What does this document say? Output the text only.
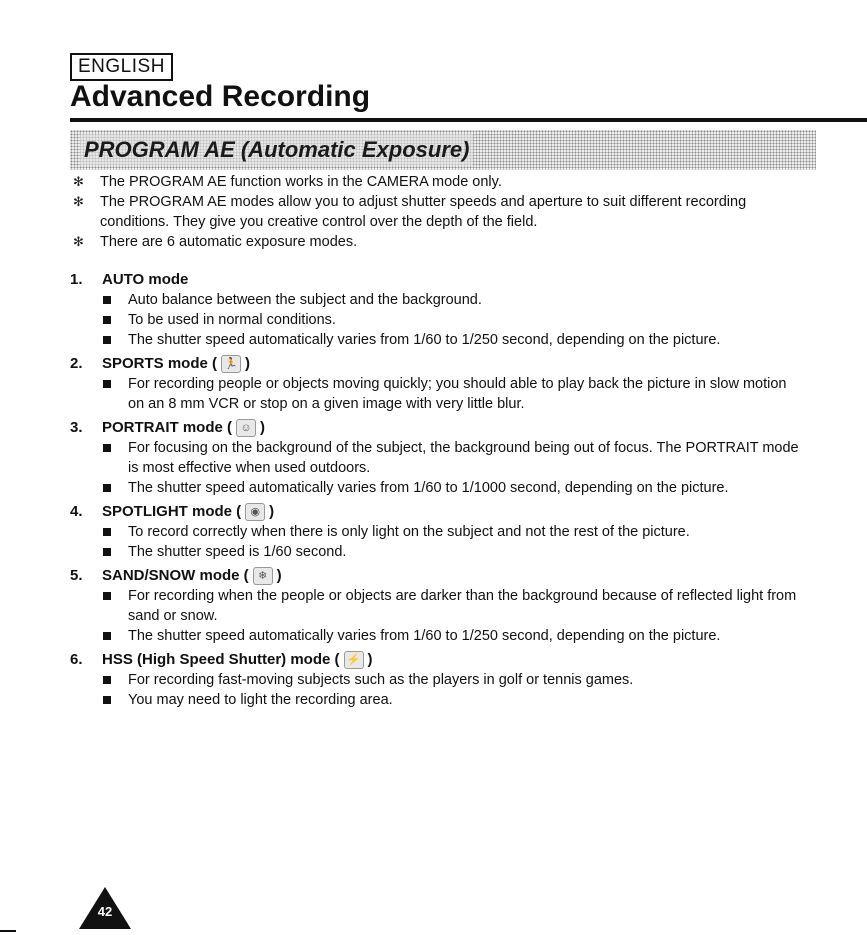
ENGLISH
Advanced Recording
PROGRAM AE (Automatic Exposure)
✻ The PROGRAM AE function works in the CAMERA mode only.
✻ The PROGRAM AE modes allow you to adjust shutter speeds and aperture to suit different recording conditions. They give you creative control over the depth of the field.
✻ There are 6 automatic exposure modes.
1.	AUTO mode
Auto balance between the subject and the background.
To be used in normal conditions.
The shutter speed automatically varies from 1/60 to 1/250 second, depending on the picture.
2.	SPORTS mode ( 🏃 )
For recording people or objects moving quickly; you should able to play back the picture in slow motion on an 8 mm VCR or stop on a given image with very little blur.
3.	PORTRAIT mode ( ☺ )
For focusing on the background of the subject, the background being out of focus. The PORTRAIT mode is most effective when used outdoors.
The shutter speed automatically varies from 1/60 to 1/1000 second, depending on the picture.
4.	SPOTLIGHT mode ( ◉ )
To record correctly when there is only light on the subject and not the rest of the picture.
The shutter speed is 1/60 second.
5.	SAND/SNOW mode ( ❄ )
For recording when the people or objects are darker than the background because of reflected light from sand or snow.
The shutter speed automatically varies from 1/60 to 1/250 second, depending on the picture.
6.	HSS (High Speed Shutter) mode ( ⚡ )
For recording fast-moving subjects such as the players in golf or tennis games.
You may need to light the recording area.
42
